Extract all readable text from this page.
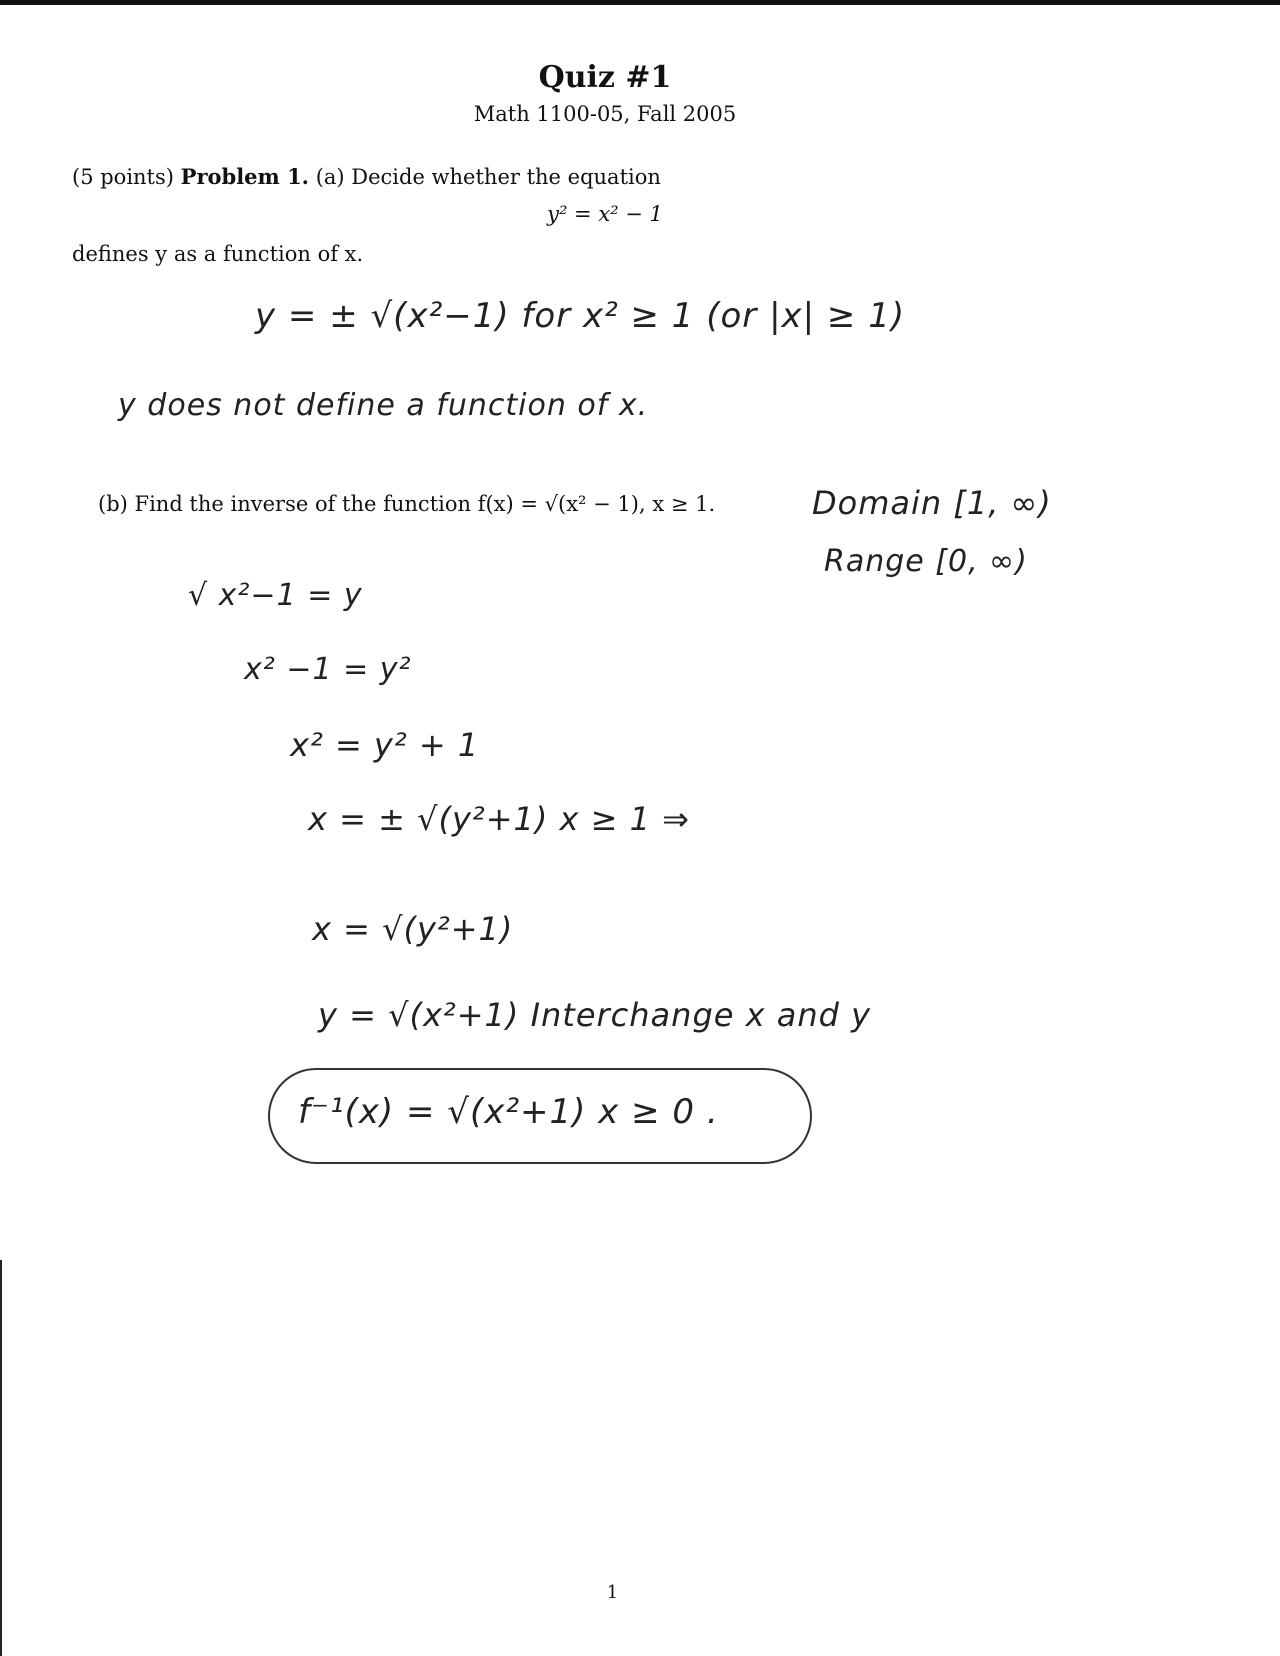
Quiz #1
Math 1100-05, Fall 2005
(5 points) Problem 1. (a) Decide whether the equation
y² = x² − 1
defines y as a function of x.
y = ± √(x²−1) for x² ≥ 1 (or |x| ≥ 1)
y does not define a function of x.
(b) Find the inverse of the function f(x) = √(x² − 1), x ≥ 1.	Domain [1, ∞)
Range [0, ∞)
√ x²−1 = y
x² −1 = y²
x² = y² + 1
x = ± √(y²+1) x ≥ 1 ⇒
x = √(y²+1)
y = √(x²+1) Interchange x and y
f⁻¹(x) = √(x²+1) x ≥ 0 .
1
